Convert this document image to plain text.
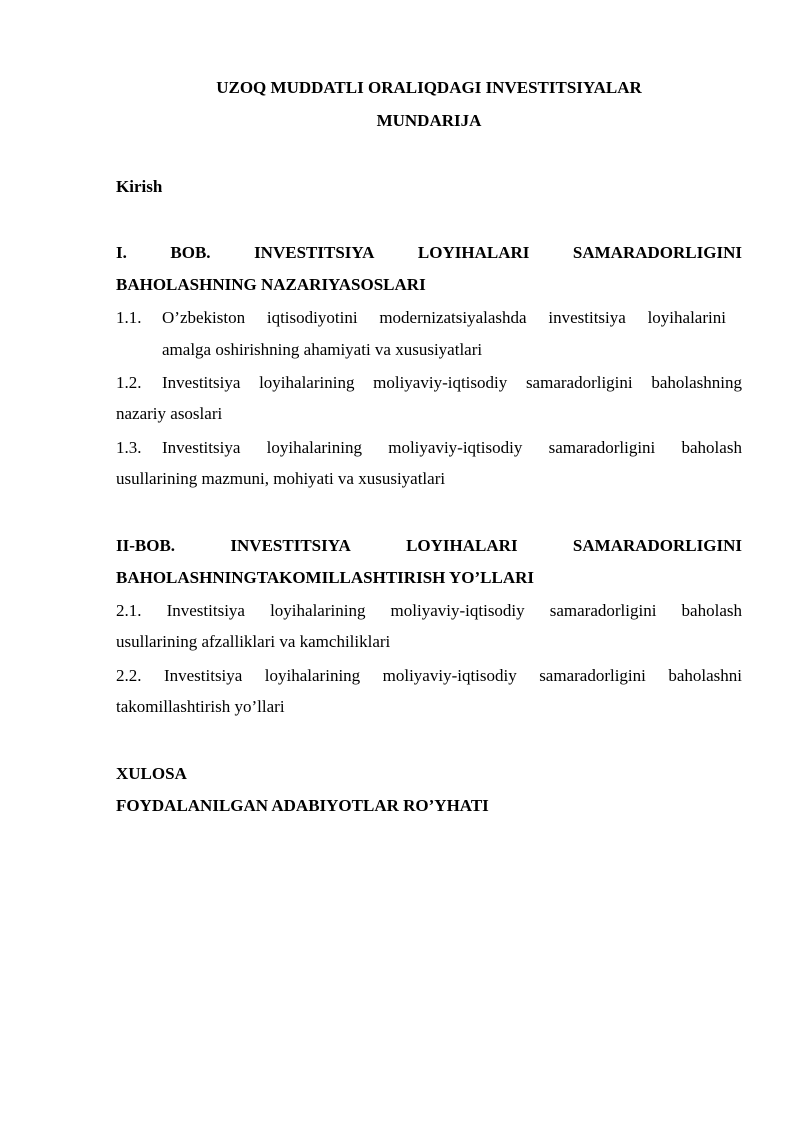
UZOQ MUDDATLI ORALIQDAGI INVESTITSIYALAR
MUNDARIJA
Kirish
I.	BOB.	INVESTITSIYA	LOYIHALARI	SAMARADORLIGINI
BAHOLASHNING NAZARIYASOSLARI
1.1. O’zbekiston iqtisodiyotini modernizatsiyalashda investitsiya loyihalarini
amalga oshirishning ahamiyati va xususiyatlari
1.2. Investitsiya loyihalarining moliyaviy-iqtisodiy samaradorligini baholashning
nazariy asoslari
1.3. Investitsiya loyihalarining moliyaviy-iqtisodiy samaradorligini baholash
usullarining mazmuni, mohiyati va xususiyatlari
II-BOB.	INVESTITSIYA	LOYIHALARI	SAMARADORLIGINI
BAHOLASHNINGTAKOMILLASHTIRISH YO’LLARI
2.1. Investitsiya loyihalarining moliyaviy-iqtisodiy samaradorligini baholash
usullarining afzalliklari va kamchiliklari
2.2. Investitsiya loyihalarining moliyaviy-iqtisodiy samaradorligini baholashni
takomillashtirish yo’llari
XULOSA
FOYDALANILGAN ADABIYOTLAR RO’YHATI
